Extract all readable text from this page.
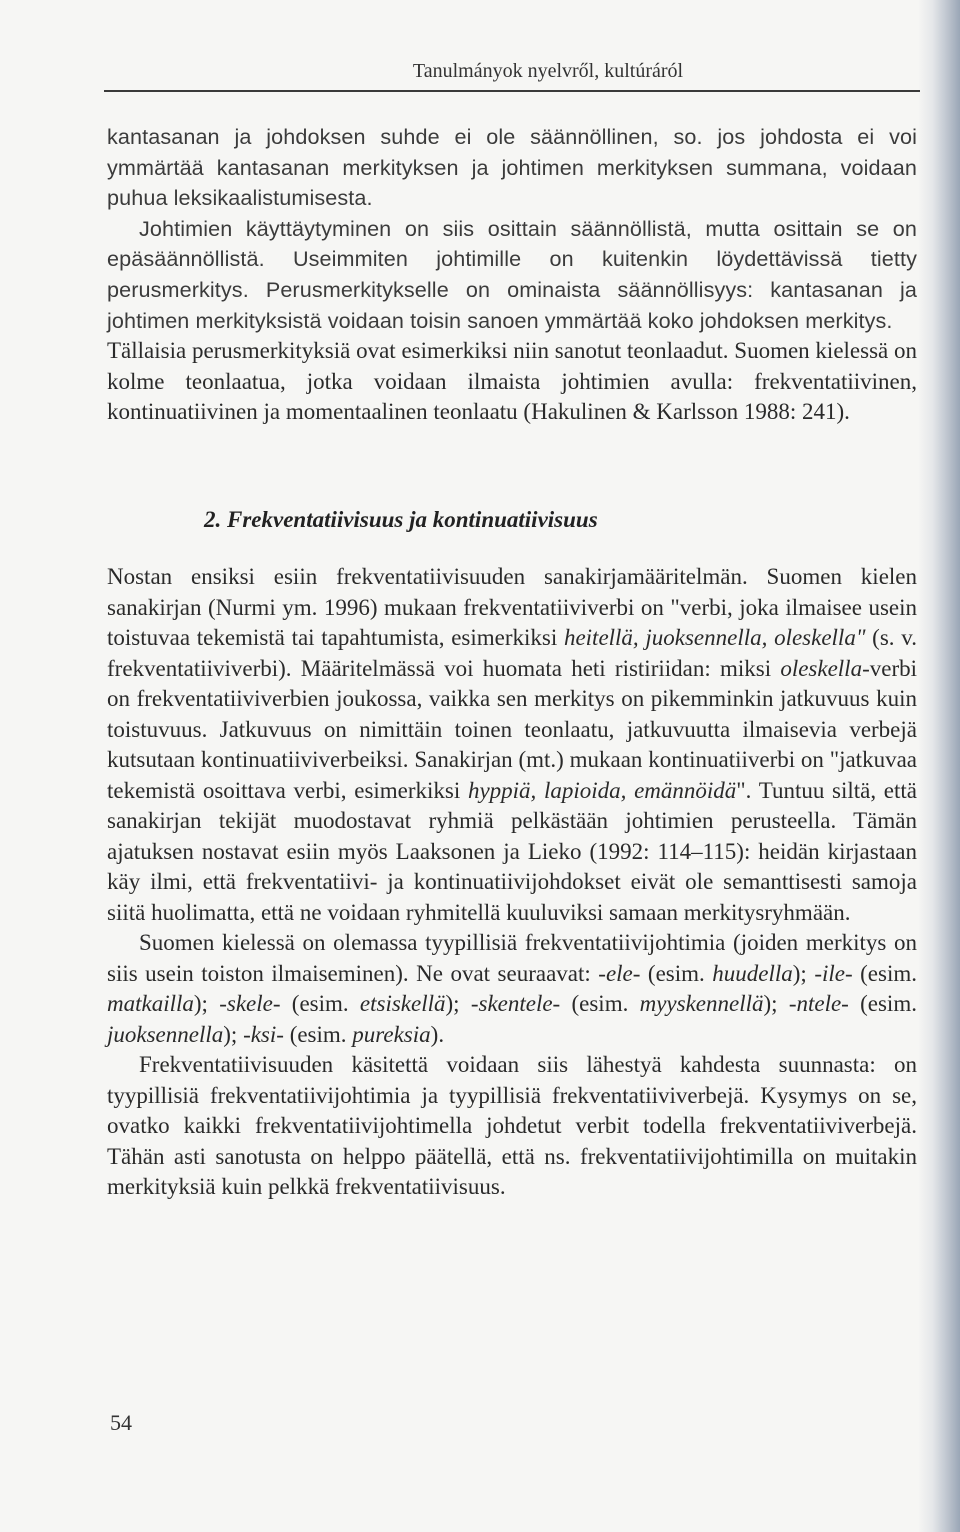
Tanulmányok nyelvről, kultúráról

kantasanan ja johdoksen suhde ei ole säännöllinen, so. jos johdosta ei voi ymmärtää kantasanan merkityksen ja johtimen merkityksen summana, voidaan puhua leksikaalistumisesta.

Johtimien käyttäytyminen on siis osittain säännöllistä, mutta osittain se on epäsäännöllistä. Useimmiten johtimille on kuitenkin löydettävissä tietty perusmerkitys. Perusmerkitykselle on ominaista säännöllisyys: kantasanan ja johtimen merkityksistä voidaan toisin sanoen ymmärtää koko johdoksen merkitys.

Tällaisia perusmerkityksiä ovat esimerkiksi niin sanotut teonlaadut. Suomen kielessä on kolme teonlaatua, jotka voidaan ilmaista johtimien avulla: frekventatiivinen, kontinuatiivinen ja momentaalinen teonlaatu (Hakulinen & Karlsson 1988: 241).

2. Frekventatiivisuus ja kontinuatiivisuus

Nostan ensiksi esiin frekventatiivisuuden sanakirjamääritelmän. Suomen kielen sanakirjan (Nurmi ym. 1996) mukaan frekventatiiviverbi on "verbi, joka ilmaisee usein toistuvaa tekemistä tai tapahtumista, esimerkiksi heitellä, juoksennella, oleskella" (s. v. frekventatiiviverbi). Määritelmässä voi huomata heti ristiriidan: miksi oleskella-verbi on frekventatiiviverbien joukossa, vaikka sen merkitys on pikemminkin jatkuvuus kuin toistuvuus. Jatkuvuus on nimittäin toinen teonlaatu, jatkuvuutta ilmaisevia verbejä kutsutaan kontinuatiiviverbeiksi. Sanakirjan (mt.) mukaan kontinuatiiverbi on "jatkuvaa tekemistä osoittava verbi, esimerkiksi hyppiä, lapioida, emännöidä". Tuntuu siltä, että sanakirjan tekijät muodostavat ryhmiä pelkästään johtimien perusteella. Tämän ajatuksen nostavat esiin myös Laaksonen ja Lieko (1992: 114–115): heidän kirjastaan käy ilmi, että frekventatiivi- ja kontinuatiivijohdokset eivät ole semanttisesti samoja siitä huolimatta, että ne voidaan ryhmitellä kuuluviksi samaan merkitysryhmään.

Suomen kielessä on olemassa tyypillisiä frekventatiivijohtimia (joiden merkitys on siis usein toiston ilmaiseminen). Ne ovat seuraavat: -ele- (esim. huudella); -ile- (esim. matkailla); -skele- (esim. etsiskellä); -skentele- (esim. myyskennellä); -ntele- (esim. juoksennella); -ksi- (esim. pureksia).

Frekventatiivisuuden käsitettä voidaan siis lähestyä kahdesta suunnasta: on tyypillisiä frekventatiivijohtimia ja tyypillisiä frekventatiiviverbejä. Kysymys on se, ovatko kaikki frekventatiivijohtimella johdetut verbit todella frekventatiiviverbejä. Tähän asti sanotusta on helppo päätellä, että ns. frekventatiivijohtimilla on muitakin merkityksiä kuin pelkkä frekventatiivisuus.

54
